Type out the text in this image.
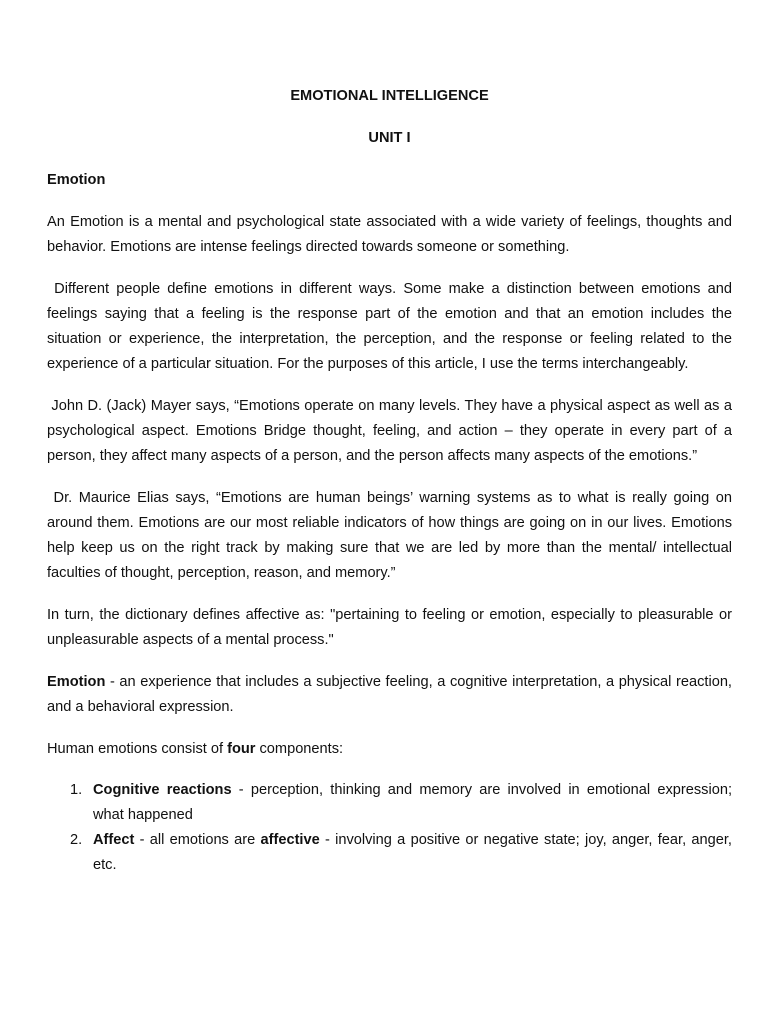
EMOTIONAL INTELLIGENCE

UNIT I

Emotion

An Emotion is a mental and psychological state associated with a wide variety of feelings, thoughts and behavior. Emotions are intense feelings directed towards someone or something.

Different people define emotions in different ways. Some make a distinction between emotions and feelings saying that a feeling is the response part of the emotion and that an emotion includes the situation or experience, the interpretation, the perception, and the response or feeling related to the experience of a particular situation. For the purposes of this article, I use the terms interchangeably.

John D. (Jack) Mayer says, “Emotions operate on many levels. They have a physical aspect as well as a psychological aspect. Emotions Bridge thought, feeling, and action – they operate in every part of a person, they affect many aspects of a person, and the person affects many aspects of the emotions.”

Dr. Maurice Elias says, “Emotions are human beings’ warning systems as to what is really going on around them. Emotions are our most reliable indicators of how things are going on in our lives. Emotions help keep us on the right track by making sure that we are led by more than the mental/ intellectual faculties of thought, perception, reason, and memory.”

In turn, the dictionary defines affective as: "pertaining to feeling or emotion, especially to pleasurable or unpleasurable aspects of a mental process."

Emotion - an experience that includes a subjective feeling, a cognitive interpretation, a physical reaction, and a behavioral expression.

Human emotions consist of four components:

1. Cognitive reactions - perception, thinking and memory are involved in emotional expression; what happened
2. Affect - all emotions are affective - involving a positive or negative state; joy, anger, fear, anger, etc.
